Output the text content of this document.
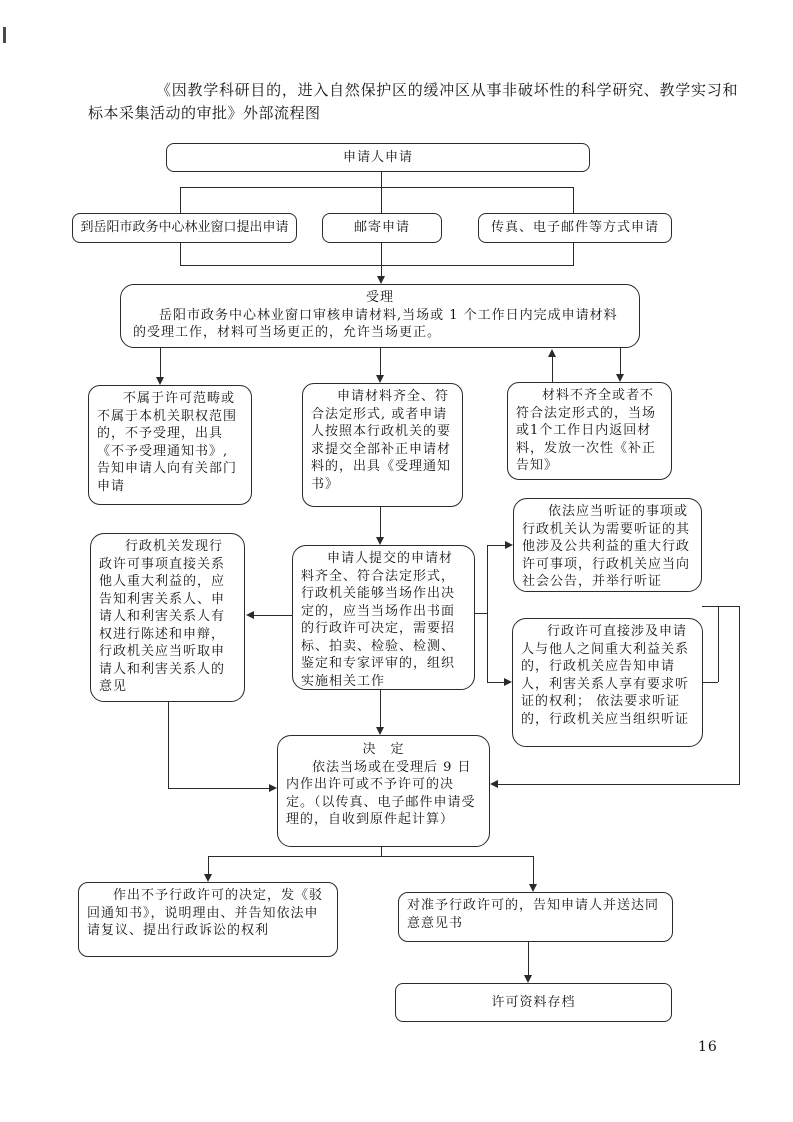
《因教学科研目的，进入自然保护区的缓冲区从事非破坏性的科学研究、教学实习和标本采集活动的审批》外部流程图
申请人申请
到岳阳市政务中心林业窗口提出申请	邮寄申请	传真、电子邮件等方式申请

受理

岳阳市政务中心林业窗口审核申请材料,当场或 1 个工作日内完成申请材料的受理工作，材料可当场更正的，允许当场更正。

不属于许可范畴或不属于本机关职权范围的，不予受理，出具《不予受理通知书》, 告知申请人向有关部门申请

申请材料齐全、符合法定形式, 或者申请人按照本行政机关的要求提交全部补正申请材料的，出具《受理通知书》

材料不齐全或者不符合法定形式的，当场或1个工作日内返回材料，发放一次性《补正告知》

行政机关发现行政许可事项直接关系他人重大利益的，应告知利害关系人、申请人和利害关系人有权进行陈述和申辩，行政机关应当听取申请人和利害关系人的意见

申请人提交的申请材料齐全、符合法定形式，行政机关能够当场作出决定的，应当当场作出书面的行政许可决定，需要招标、拍卖、检验、检测、鉴定和专家评审的，组织实施相关工作

依法应当听证的事项或行政机关认为需要听证的其他涉及公共利益的重大行政许可事项，行政机关应当向社会公告，并举行听证

行政许可直接涉及申请人与他人之间重大利益关系的，行政机关应告知申请人，利害关系人享有要求听证的权利； 依法要求听证的，行政机关应当组织听证

决　定

依法当场或在受理后 9 日内作出许可或不予许可的决定。（以传真、电子邮件申请受理的，自收到原件起计算）

作出不予行政许可的决定，发《驳回通知书》，说明理由、并告知依法申请复议、提出行政诉讼的权利

对准予行政许可的，告知申请人并送达同意意见书

许可资料存档
16
